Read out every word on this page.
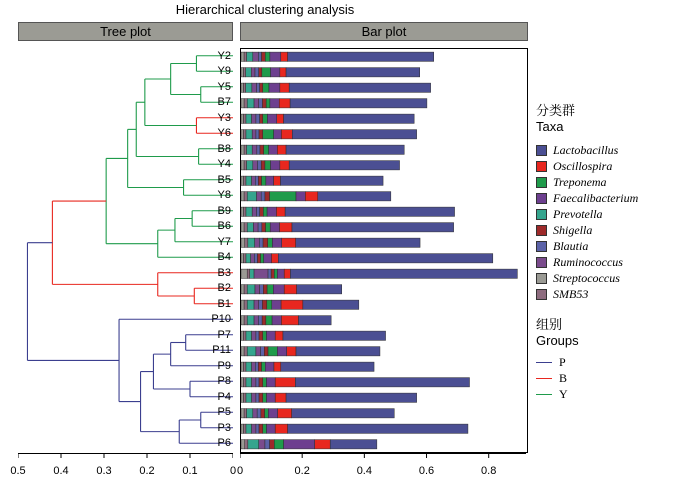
Hierarchical clustering analysis
Tree plot	Bar plot
Y2
Y9
Y5
B7
Y3
Y6
B8
Y4
B5
Y8
B9
B6
Y7
B4
B3
B2
B1
P10
P7
P11
P9
P8
P4
P5
P3
P6
0
0.1
0.2
0.3
0.4
0.5	0	0.2	0.4	0.6	0.8
分类群
Taxa
Lactobacillus
Oscillospira
Treponema
Faecalibacterium
Prevotella
Shigella
Blautia
Ruminococcus
Streptococcus
SMB53
组别
Groups
P
B
Y
